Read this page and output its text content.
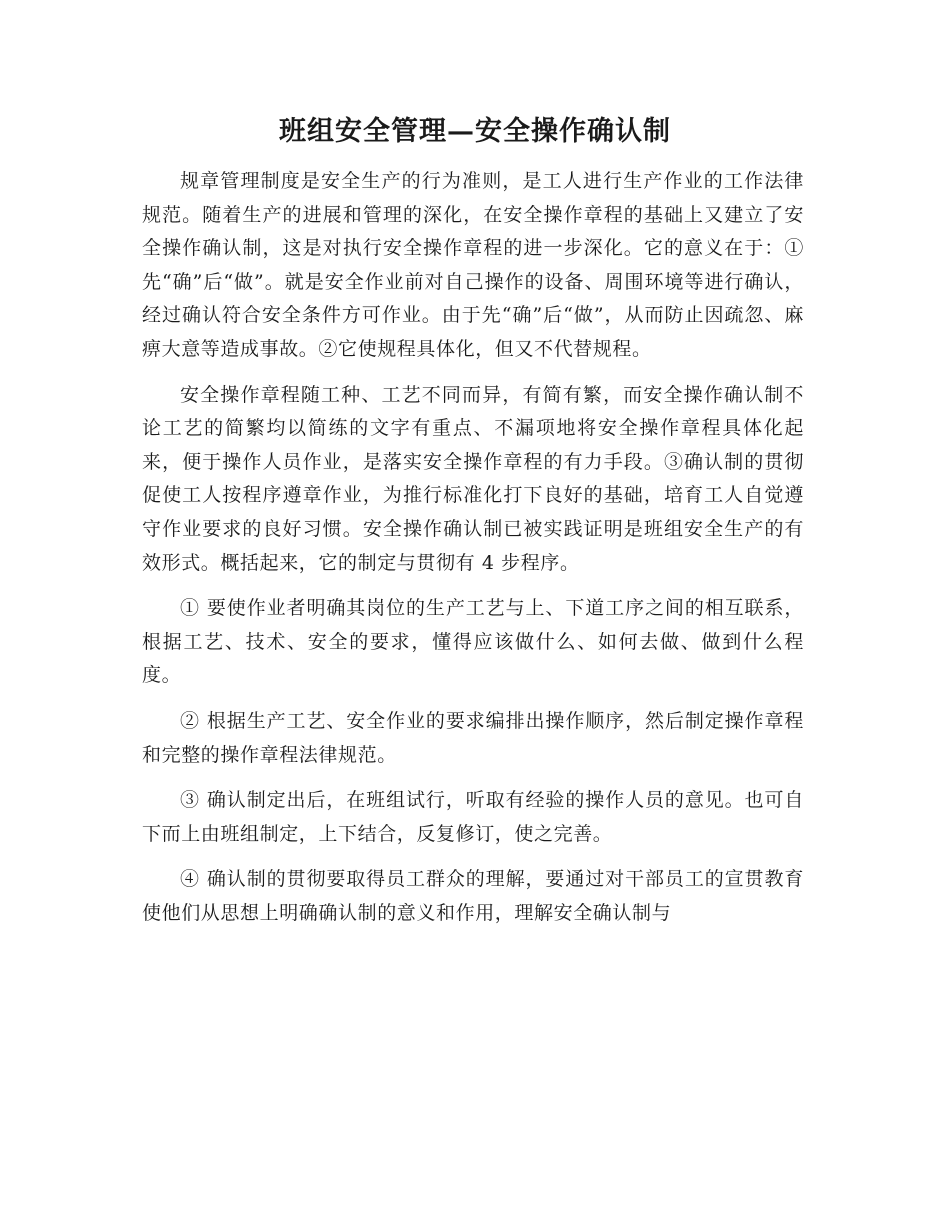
班组安全管理—安全操作确认制

规章管理制度是安全生产的行为准则，是工人进行生产作业的工作法律规范。随着生产的进展和管理的深化，在安全操作章程的基础上又建立了安全操作确认制，这是对执行安全操作章程的进一步深化。它的意义在于：①先“确”后“做”。就是安全作业前对自己操作的设备、周围环境等进行确认，经过确认符合安全条件方可作业。由于先“确”后“做”，从而防止因疏忽、麻痹大意等造成事故。②它使规程具体化，但又不代替规程。

安全操作章程随工种、工艺不同而异，有简有繁，而安全操作确认制不论工艺的简繁均以简练的文字有重点、不漏项地将安全操作章程具体化起来，便于操作人员作业，是落实安全操作章程的有力手段。③确认制的贯彻促使工人按程序遵章作业，为推行标准化打下良好的基础，培育工人自觉遵守作业要求的良好习惯。安全操作确认制已被实践证明是班组安全生产的有效形式。概括起来，它的制定与贯彻有 4 步程序。

① 要使作业者明确其岗位的生产工艺与上、下道工序之间的相互联系，根据工艺、技术、安全的要求，懂得应该做什么、如何去做、做到什么程度。

② 根据生产工艺、安全作业的要求编排出操作顺序，然后制定操作章程和完整的操作章程法律规范。

③ 确认制定出后，在班组试行，听取有经验的操作人员的意见。也可自下而上由班组制定，上下结合，反复修订，使之完善。

④ 确认制的贯彻要取得员工群众的理解，要通过对干部员工的宣贯教育使他们从思想上明确确认制的意义和作用，理解安全确认制与
